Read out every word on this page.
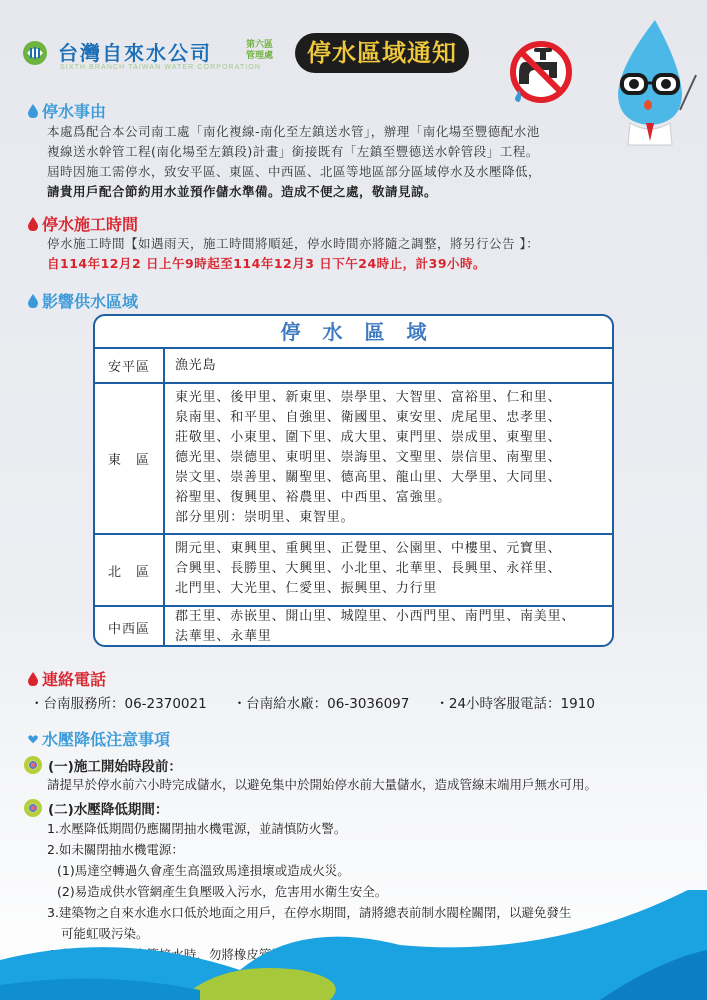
台灣自來水公司	第六區
管理處
SIXTH BRANCH TAIWAN WATER CORPORATION
停水區域通知
停水事由
本處爲配合本公司南工處「南化複線-南化至左鎮送水管」，辦理「南化場至豐德配水池
複線送水幹管工程(南化場至左鎮段)計畫」銜接既有「左鎮至豐德送水幹管段」工程。
屆時因施工需停水，致安平區、東區、中西區、北區等地區部分區域停水及水壓降低，
請貴用戶配合節約用水並預作儲水準備。造成不便之處，敬請見諒。
停水施工時間
停水施工時間【如遇雨天，施工時間將順延，停水時間亦將隨之調整，將另行公告 】：
自114年12月2 日上午9時起至114年12月3 日下午24時止，計39小時。
影響供水區域
停水區域
安平區	漁光島
東　區
東光里、後甲里、新東里、崇學里、大智里、富裕里、仁和里、
泉南里、和平里、自強里、衛國里、東安里、虎尾里、忠孝里、
莊敬里、小東里、圍下里、成大里、東門里、崇成里、東聖里、
德光里、崇德里、東明里、崇誨里、文聖里、崇信里、南聖里、
崇文里、崇善里、關聖里、德高里、龍山里、大學里、大同里、
裕聖里、復興里、裕農里、中西里、富強里。
部分里別：崇明里、東智里。
北　區
開元里、東興里、重興里、正覺里、公園里、中樓里、元寶里、
合興里、長勝里、大興里、小北里、北華里、長興里、永祥里、
北門里、大光里、仁愛里、振興里、力行里
中西區
郡王里、赤嵌里、開山里、城隍里、小西門里、南門里、南美里、
法華里、永華里
連絡電話
・台南服務所：06-2370021 ・台南給水廠：06-3036097 ・24小時客服電話：1910
水壓降低注意事項
(一)施工開始時段前：
請提早於停水前六小時完成儲水，以避免集中於開始停水前大量儲水，造成管線末端用戶無水可用。
(二)水壓降低期間：
1.水壓降低期間仍應關閉抽水機電源，並請慎防火警。
2.如未關閉抽水機電源：
(1)馬達空轉過久會產生高溫致馬達損壞或造成火災。
(2)易造成供水管網產生負壓吸入污水，危害用水衛生安全。
3.建築物之自來水進水口低於地面之用戶，在停水期間，請將總表前制水閥栓關閉，以避免發生
可能虹吸污染。
